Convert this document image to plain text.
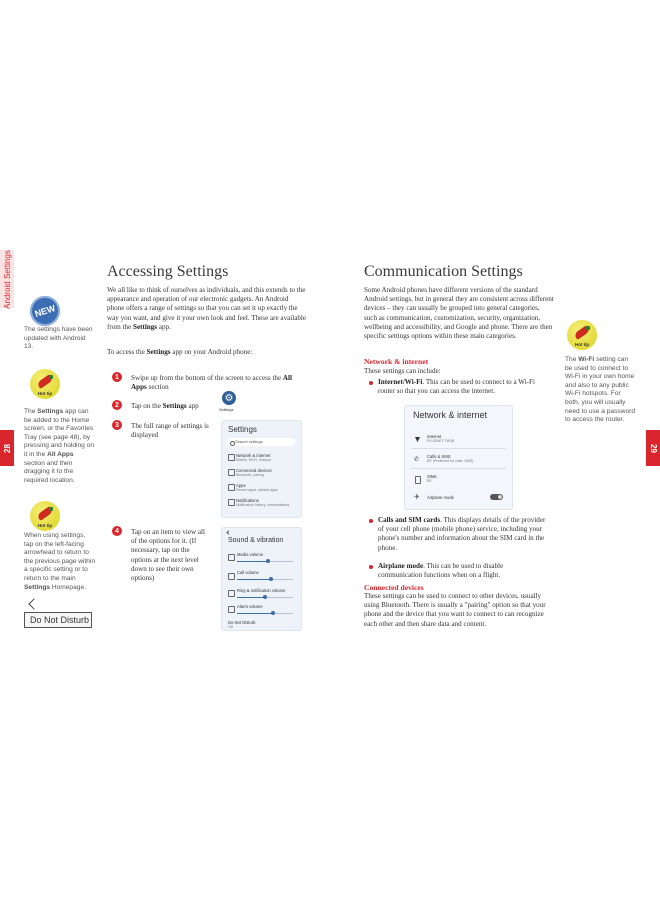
Android Settings
28
NEW
The settings have been updated with Android 13.
Hot tip
The Settings app can be added to the Home screen, or the Favorites Tray (see page 48), by pressing and holding on it in the All Apps section and then dragging it to the required location.
Hot tip
When using settings, tap on the left-facing arrowhead to return to the previous page within a specific setting or to return to the main Settings Homepage.
Do Not Disturb
Accessing Settings
We all like to think of ourselves as individuals, and this extends to the appearance and operation of our electronic gadgets. An Android phone offers a range of settings so that you can set it up exactly the way you want, and give it your own look and feel. These are available from the Settings app.
To access the Settings app on your Android phone:
1	Swipe up from the bottom of the screen to access the All Apps section
2	Tap on the Settings app
⚙
Settings
3	The full range of settings is displayed
Settings
Search settings
Network & internet
Mobile, Wi-Fi, hotspot
Connected devices
Bluetooth, pairing
Apps
Recent apps, default apps
Notifications
Notification history, conversations
4	Tap on an item to view all of the options for it. (If necessary, tap on the options at the next level down to see their own options)
Sound & vibration
Media volume
Call volume
Ring & notification volume
Alarm volume
Do Not Disturb
Off
29
Communication Settings
Some Android phones have different versions of the standard Android settings, but in general they are consistent across different devices – they can usually be grouped into general categories, such as communication, customization, security, organization, wellbeing and accessibility, and Google and phone. There are then specific settings options within these main categories.
Network & internet
These settings can include:
Internet/Wi-Fi. This can be used to connect to a Wi-Fi router so that you can access the internet.
Network & internet
Internet
PLUSNET-7WJB
✆
Calls & SMS
EE (Preferred for calls, SMS)
SIMs
EE
✈ Airplane mode
Calls and SIM cards. This displays details of the provider of your cell phone (mobile phone) service, including your phone's number and information about the SIM card in the phone.
Airplane mode. This can be used to disable communication functions when on a flight.
Connected devices
These settings can be used to connect to other devices, usually using Bluetooth. There is usually a "pairing" option so that your phone and the device that you want to connect to can recognize each other and then share data and content.
Hot tip
The Wi-Fi setting can be used to connect to Wi-Fi in your own home and also to any public Wi-Fi hotspots. For both, you will usually need to use a password to access the router.
